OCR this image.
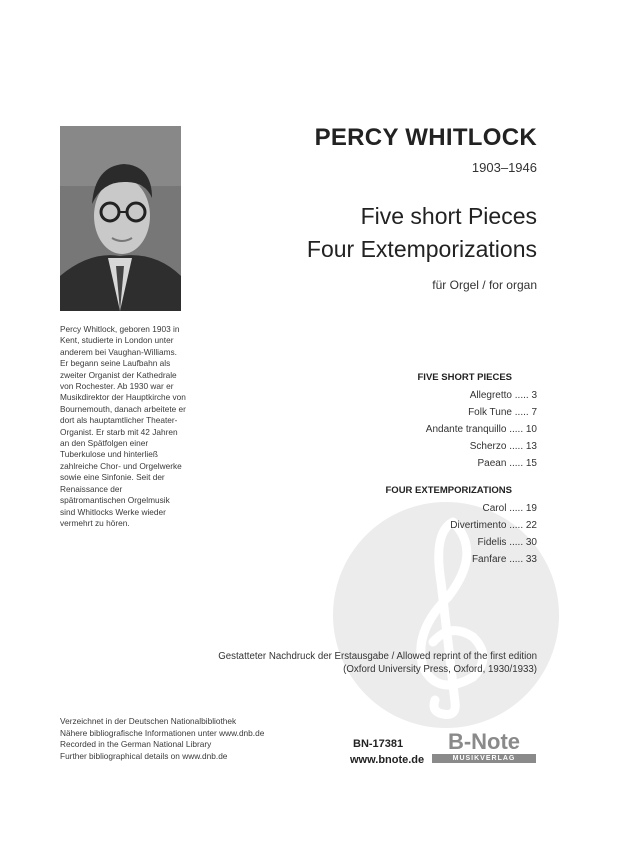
Percy Whitlock, geboren 1903 in Kent, studierte in London unter anderem bei Vaughan-Williams. Er begann seine Laufbahn als zweiter Organist der Kathedrale von Rochester. Ab 1930 war er Musikdirektor der Hauptkirche von Bournemouth, danach arbeitete er dort als hauptamtlicher Theater-Organist. Er starb mit 42 Jahren an den Spätfolgen einer Tuberkulose und hinterließ zahlreiche Chor- und Orgelwerke sowie eine Sinfonie. Seit der Renaissance der spätromantischen Orgelmusik sind Whitlocks Werke wieder vermehrt zu hören.
PERCY WHITLOCK
1903–1946
Five short Pieces
Four Extemporizations
für Orgel / for organ
FIVE SHORT PIECES
Allegretto ..... 3
Folk Tune ..... 7
Andante tranquillo ..... 10
Scherzo ..... 13
Paean ..... 15
FOUR EXTEMPORIZATIONS
Carol ..... 19
Divertimento ..... 22
Fidelis ..... 30
Fanfare ..... 33
Gestatteter Nachdruck der Erstausgabe / Allowed reprint of the first edition
(Oxford University Press, Oxford, 1930/1933)
Verzeichnet in der Deutschen Nationalbibliothek
Nähere bibliografische Informationen unter www.dnb.de
Recorded in the German National Library
Further bibliographical details on www.dnb.de
BN-17381
www.bnote.de
B-Note
MUSIKVERLAG
